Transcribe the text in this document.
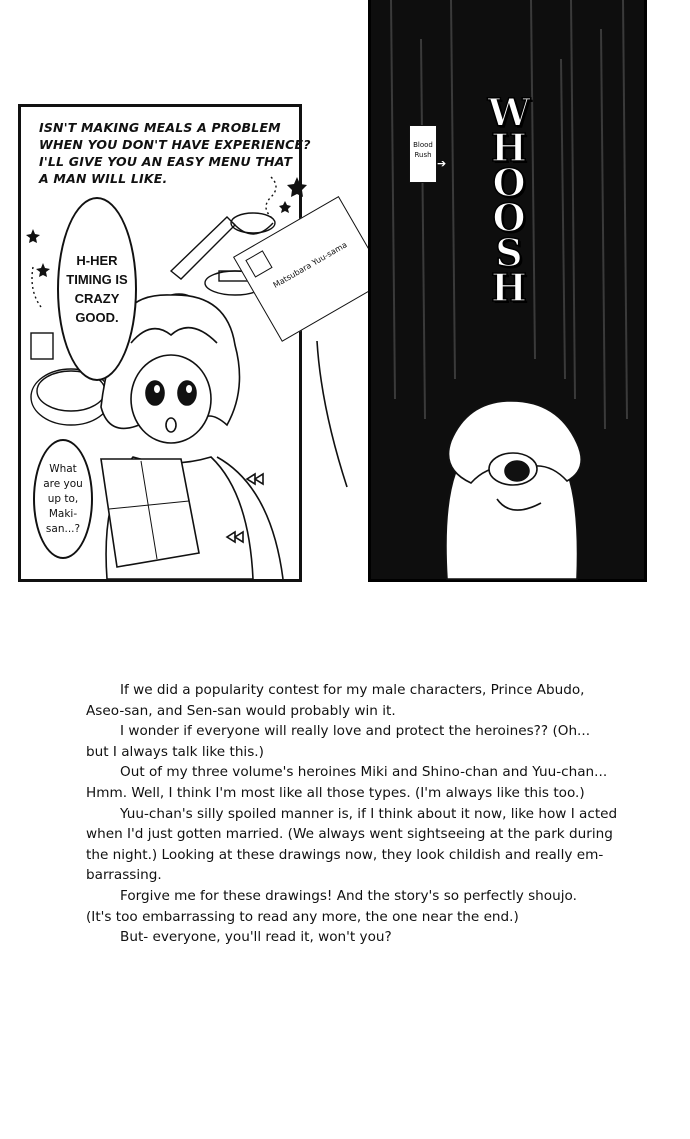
ISN'T MAKING MEALS A PROBLEM
WHEN YOU DON'T HAVE EXPERIENCE?
I'LL GIVE YOU AN EASY MENU THAT
A MAN WILL LIKE.
Matsubara Yuu-sama
H-HER
TIMING IS
CRAZY
GOOD.
What
are you
up to,
Maki-
san...?
Blood
Rush
➔
W
H
O
O
S
H

If we did a popularity contest for my male characters, Prince Abudo,

Aseo-san, and Sen-san would probably win it.

I wonder if everyone will really love and protect the heroines?? (Oh...

but I always talk like this.)

Out of my three volume's heroines Miki and Shino-chan and Yuu-chan...

Hmm. Well, I think I'm most like all those types. (I'm always like this too.)

Yuu-chan's silly spoiled manner is, if I think about it now, like how I acted

when I'd just gotten married. (We always went sightseeing at the park during

the night.) Looking at these drawings now, they look childish and really em-

barrassing.

Forgive me for these drawings! And the story's so perfectly shoujo.

(It's too embarrassing to read any more, the one near the end.)

But- everyone, you'll read it, won't you?
